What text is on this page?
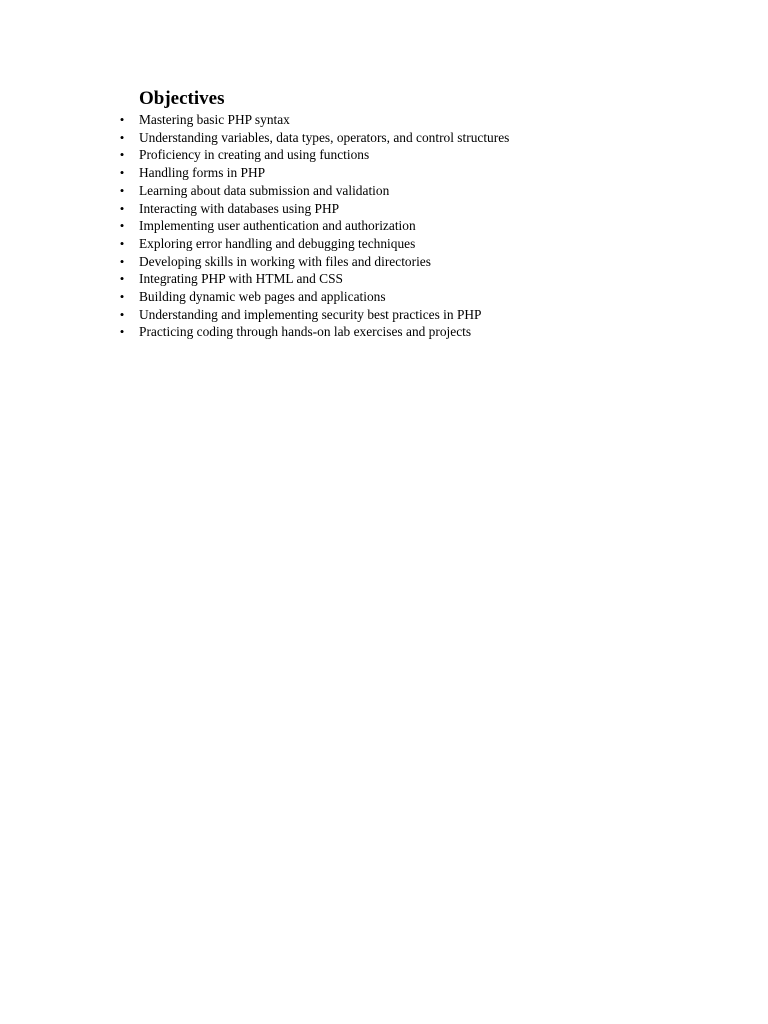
Objectives
• Mastering basic PHP syntax
• Understanding variables, data types, operators, and control structures
• Proficiency in creating and using functions
• Handling forms in PHP
• Learning about data submission and validation
• Interacting with databases using PHP
• Implementing user authentication and authorization
• Exploring error handling and debugging techniques
• Developing skills in working with files and directories
• Integrating PHP with HTML and CSS
• Building dynamic web pages and applications
• Understanding and implementing security best practices in PHP
• Practicing coding through hands-on lab exercises and projects
